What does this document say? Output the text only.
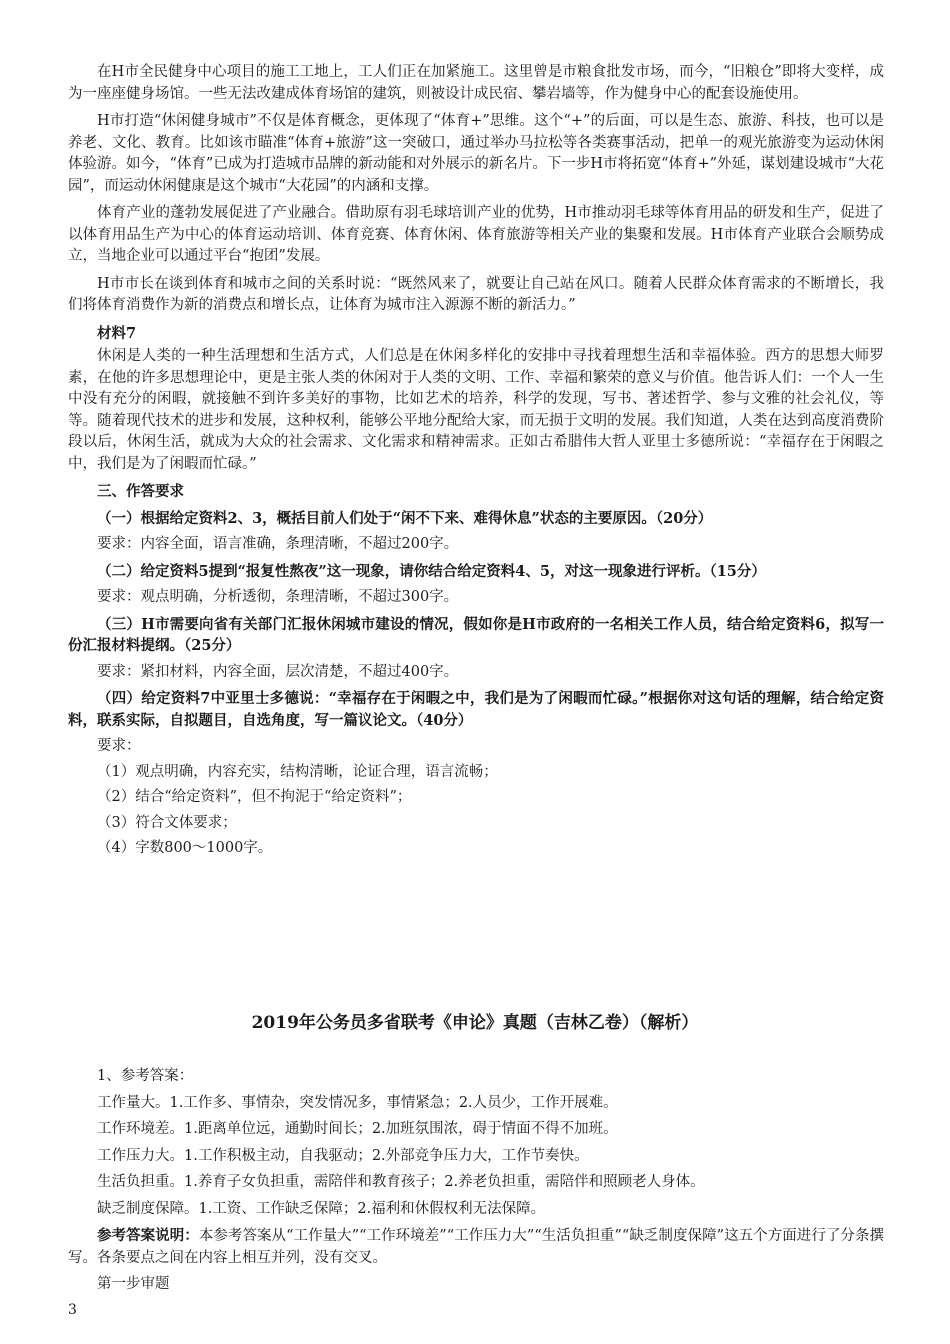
在H市全民健身中心项目的施工工地上，工人们正在加紧施工。这里曾是市粮食批发市场，而今，“旧粮仓”即将大变样，成为一座座健身场馆。一些无法改建成体育场馆的建筑，则被设计成民宿、攀岩墙等，作为健身中心的配套设施使用。

H市打造“休闲健身城市”不仅是体育概念，更体现了“体育+”思维。这个“+”的后面，可以是生态、旅游、科技，也可以是养老、文化、教育。比如该市瞄准“体育+旅游”这一突破口，通过举办马拉松等各类赛事活动，把单一的观光旅游变为运动休闲体验游。如今，“体育”已成为打造城市品牌的新动能和对外展示的新名片。下一步H市将拓宽“体育+”外延，谋划建设城市“大花园”，而运动休闲健康是这个城市“大花园”的内涵和支撑。

体育产业的蓬勃发展促进了产业融合。借助原有羽毛球培训产业的优势，H市推动羽毛球等体育用品的研发和生产，促进了以体育用品生产为中心的体育运动培训、体育竞赛、体育休闲、体育旅游等相关产业的集聚和发展。H市体育产业联合会顺势成立，当地企业可以通过平台“抱团”发展。

H市市长在谈到体育和城市之间的关系时说：“既然风来了，就要让自己站在风口。随着人民群众体育需求的不断增长，我们将体育消费作为新的消费点和增长点，让体育为城市注入源源不断的新活力。”

材料7

休闲是人类的一种生活理想和生活方式，人们总是在休闲多样化的安排中寻找着理想生活和幸福体验。西方的思想大师罗素，在他的许多思想理论中，更是主张人类的休闲对于人类的文明、工作、幸福和繁荣的意义与价值。他告诉人们：一个人一生中没有充分的闲暇，就接触不到许多美好的事物，比如艺术的培养，科学的发现，写书、著述哲学、参与文雅的社会礼仪，等等。随着现代技术的进步和发展，这种权利，能够公平地分配给大家，而无损于文明的发展。我们知道，人类在达到高度消费阶段以后，休闲生活，就成为大众的社会需求、文化需求和精神需求。正如古希腊伟大哲人亚里士多德所说：“幸福存在于闲暇之中，我们是为了闲暇而忙碌。”

三、作答要求

（一）根据给定资料2、3，概括目前人们处于“闲不下来、难得休息”状态的主要原因。（20分）

要求：内容全面，语言准确，条理清晰，不超过200字。

（二）给定资料5提到“报复性熬夜”这一现象，请你结合给定资料4、5，对这一现象进行评析。（15分）

要求：观点明确，分析透彻，条理清晰，不超过300字。

（三）H市需要向省有关部门汇报休闲城市建设的情况，假如你是H市政府的一名相关工作人员，结合给定资料6，拟写一份汇报材料提纲。（25分）

要求：紧扣材料，内容全面，层次清楚，不超过400字。

（四）给定资料7中亚里士多德说：“幸福存在于闲暇之中，我们是为了闲暇而忙碌。”根据你对这句话的理解，结合给定资料，联系实际，自拟题目，自选角度，写一篇议论文。（40分）

要求：

（1）观点明确，内容充实，结构清晰，论证合理，语言流畅；

（2）结合“给定资料”，但不拘泥于“给定资料”；

（3）符合文体要求；

（4）字数800～1000字。

2019年公务员多省联考《申论》真题（吉林乙卷）（解析）

1、参考答案：

工作量大。1.工作多、事情杂，突发情况多，事情紧急；2.人员少，工作开展难。

工作环境差。1.距离单位远，通勤时间长；2.加班氛围浓，碍于情面不得不加班。

工作压力大。1.工作积极主动，自我驱动；2.外部竞争压力大，工作节奏快。

生活负担重。1.养育子女负担重，需陪伴和教育孩子；2.养老负担重，需陪伴和照顾老人身体。

缺乏制度保障。1.工资、工作缺乏保障；2.福利和休假权利无法保障。

参考答案说明：本参考答案从“工作量大”“工作环境差”“工作压力大”“生活负担重”“缺乏制度保障”这五个方面进行了分条撰写。各条要点之间在内容上相互并列，没有交叉。

第一步审题

3
